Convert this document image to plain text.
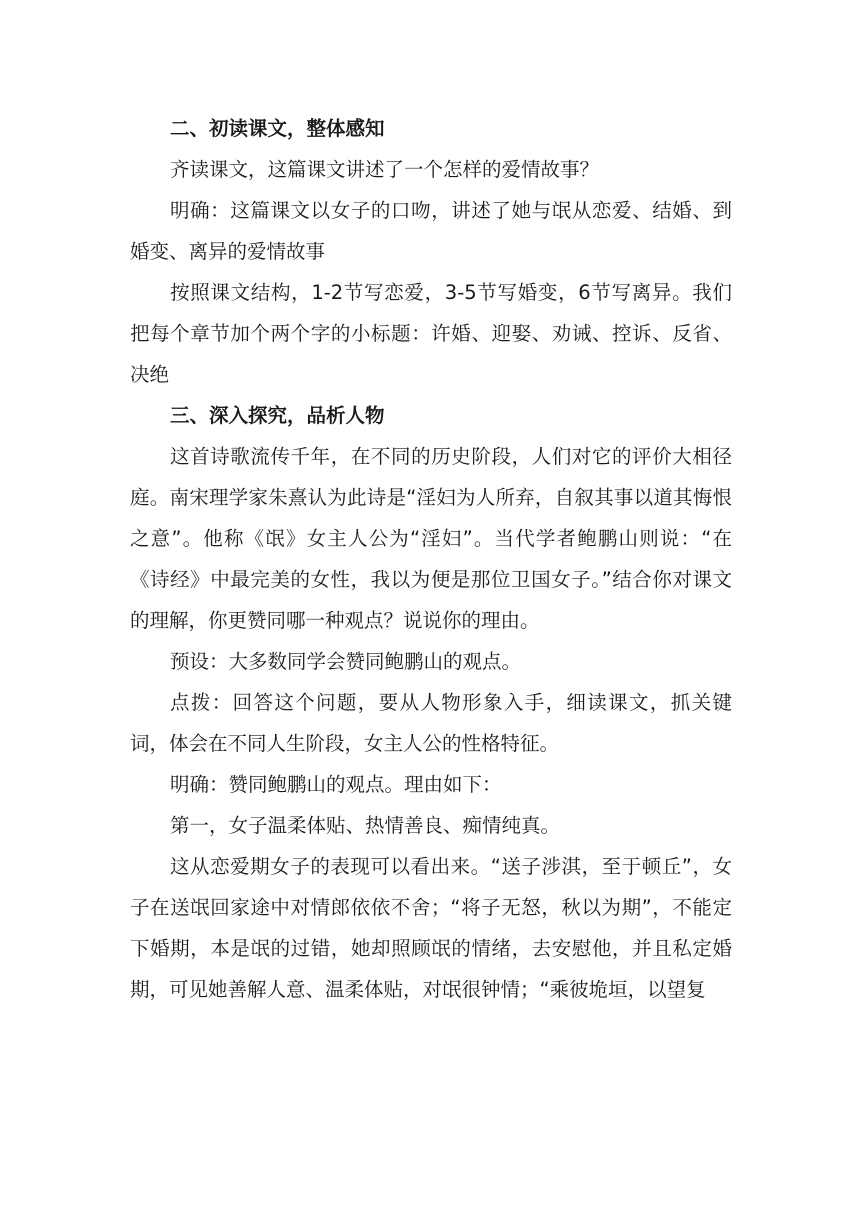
二、初读课文，整体感知

齐读课文，这篇课文讲述了一个怎样的爱情故事？

明确：这篇课文以女子的口吻，讲述了她与氓从恋爱、结婚、到婚变、离异的爱情故事

按照课文结构，1-2节写恋爱，3-5节写婚变，6节写离异。我们把每个章节加个两个字的小标题：许婚、迎娶、劝诫、控诉、反省、决绝

三、深入探究，品析人物

这首诗歌流传千年，在不同的历史阶段，人们对它的评价大相径庭。南宋理学家朱熹认为此诗是“淫妇为人所弃，自叙其事以道其悔恨之意”。他称《氓》女主人公为“淫妇”。当代学者鲍鹏山则说：“在《诗经》中最完美的女性，我以为便是那位卫国女子。”结合你对课文的理解，你更赞同哪一种观点？说说你的理由。

预设：大多数同学会赞同鲍鹏山的观点。

点拨：回答这个问题，要从人物形象入手，细读课文，抓关键词，体会在不同人生阶段，女主人公的性格特征。

明确：赞同鲍鹏山的观点。理由如下：

第一，女子温柔体贴、热情善良、痴情纯真。

这从恋爱期女子的表现可以看出来。“送子涉淇，至于顿丘”，女子在送氓回家途中对情郎依依不舍；“将子无怒，秋以为期”，不能定下婚期，本是氓的过错，她却照顾氓的情绪，去安慰他，并且私定婚期，可见她善解人意、温柔体贴，对氓很钟情；“乘彼垝垣，以望复
